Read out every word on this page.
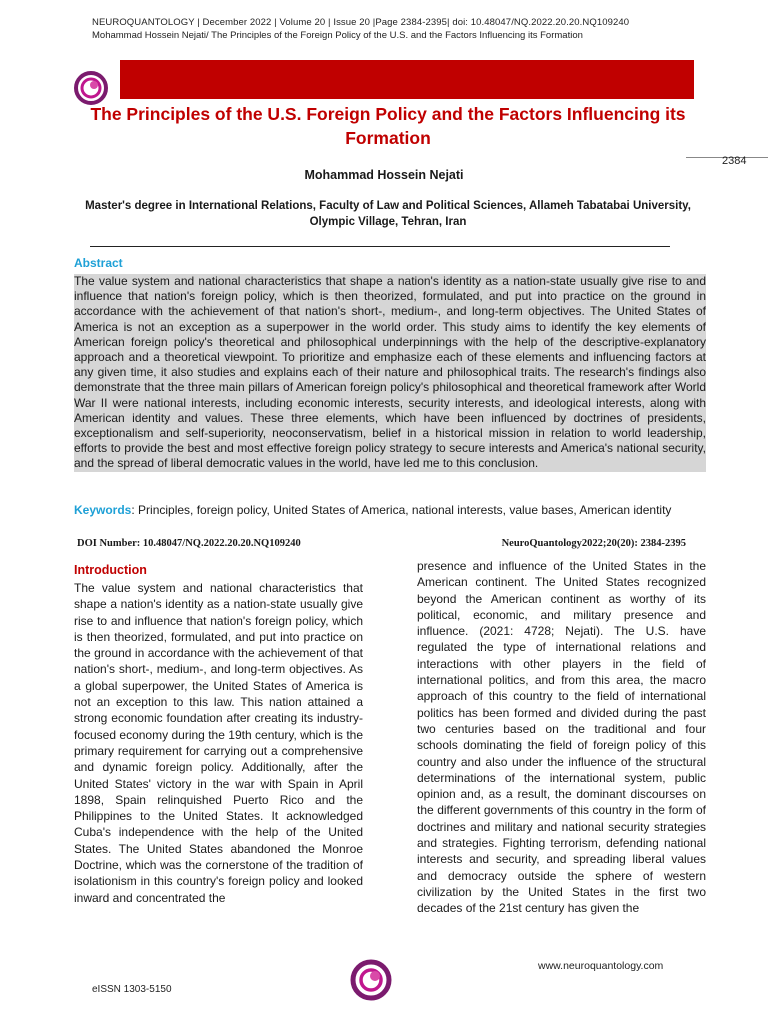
NEUROQUANTOLOGY | December 2022 | Volume 20 | Issue 20 |Page 2384-2395| doi: 10.48047/NQ.2022.20.20.NQ109240
Mohammad Hossein Nejati/ The Principles of the Foreign Policy of the U.S. and the Factors Influencing its Formation
The Principles of the U.S. Foreign Policy and the Factors Influencing its Formation
2384
Mohammad Hossein Nejati
Master's degree in International Relations, Faculty of Law and Political Sciences, Allameh Tabatabai University, Olympic Village, Tehran, Iran
Abstract

The value system and national characteristics that shape a nation's identity as a nation-state usually give rise to and influence that nation's foreign policy, which is then theorized, formulated, and put into practice on the ground in accordance with the achievement of that nation's short-, medium-, and long-term objectives. The United States of America is not an exception as a superpower in the world order. This study aims to identify the key elements of American foreign policy's theoretical and philosophical underpinnings with the help of the descriptive-explanatory approach and a theoretical viewpoint. To prioritize and emphasize each of these elements and influencing factors at any given time, it also studies and explains each of their nature and philosophical traits. The research's findings also demonstrate that the three main pillars of American foreign policy's philosophical and theoretical framework after World War II were national interests, including economic interests, security interests, and ideological interests, along with American identity and values. These three elements, which have been influenced by doctrines of presidents, exceptionalism and self-superiority, neoconservatism, belief in a historical mission in relation to world leadership, efforts to provide the best and most effective foreign policy strategy to secure interests and America's national security, and the spread of liberal democratic values in the world, have led me to this conclusion.

Keywords: Principles, foreign policy, United States of America, national interests, value bases, American identity
DOI Number: 10.48047/NQ.2022.20.20.NQ109240	NeuroQuantology2022;20(20): 2384-2395
Introduction

The value system and national characteristics that shape a nation's identity as a nation-state usually give rise to and influence that nation's foreign policy, which is then theorized, formulated, and put into practice on the ground in accordance with the achievement of that nation's short-, medium-, and long-term objectives. As a global superpower, the United States of America is not an exception to this law. This nation attained a strong economic foundation after creating its industry-focused economy during the 19th century, which is the primary requirement for carrying out a comprehensive and dynamic foreign policy. Additionally, after the United States' victory in the war with Spain in April 1898, Spain relinquished Puerto Rico and the Philippines to the United States. It acknowledged Cuba's independence with the help of the United States. The United States abandoned the Monroe Doctrine, which was the cornerstone of the tradition of isolationism in this country's foreign policy and looked inward and concentrated the

presence and influence of the United States in the American continent. The United States recognized beyond the American continent as worthy of its political, economic, and military presence and influence. (2021: 4728; Nejati). The U.S. have regulated the type of international relations and interactions with other players in the field of international politics, and from this area, the macro approach of this country to the field of international politics has been formed and divided during the past two centuries based on the traditional and four schools dominating the field of foreign policy of this country and also under the influence of the structural determinations of the international system, public opinion and, as a result, the dominant discourses on the different governments of this country in the form of doctrines and military and national security strategies and strategies. Fighting terrorism, defending national interests and security, and spreading liberal values and democracy outside the sphere of western civilization by the United States in the first two decades of the 21st century has given the

www.neuroquantology.com
eISSN 1303-5150
